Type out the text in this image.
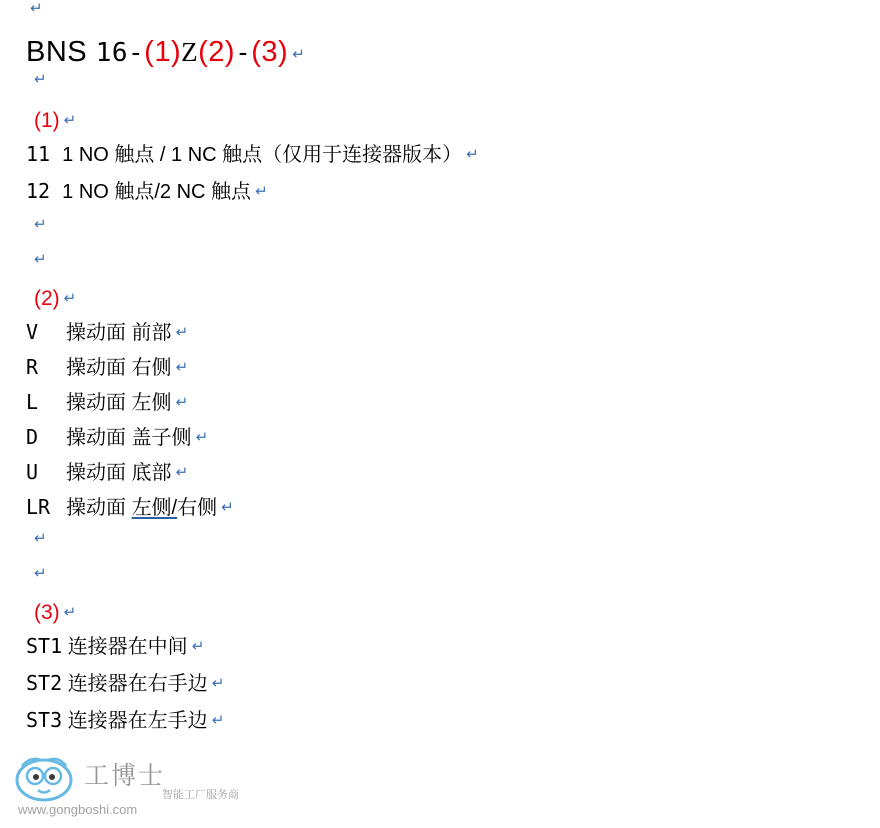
↵
BNS 16-(1)Z(2)-(3) ↵
↵
(1) ↵
11 1 NO 触点 / 1 NC 触点（仅用于连接器版本） ↵
12 1 NO 触点/2 NC 触点 ↵
↵
↵
(2) ↵
V 操动面 前部 ↵
R 操动面 右侧 ↵
L 操动面 左侧 ↵
D 操动面 盖子侧 ↵
U 操动面 底部 ↵
LR 操动面 左侧/右侧 ↵
↵
↵
(3) ↵
ST1 连接器在中间 ↵
ST2 连接器在右手边 ↵
ST3 连接器在左手边 ↵
工博士
智能工厂服务商
www.gongboshi.com
